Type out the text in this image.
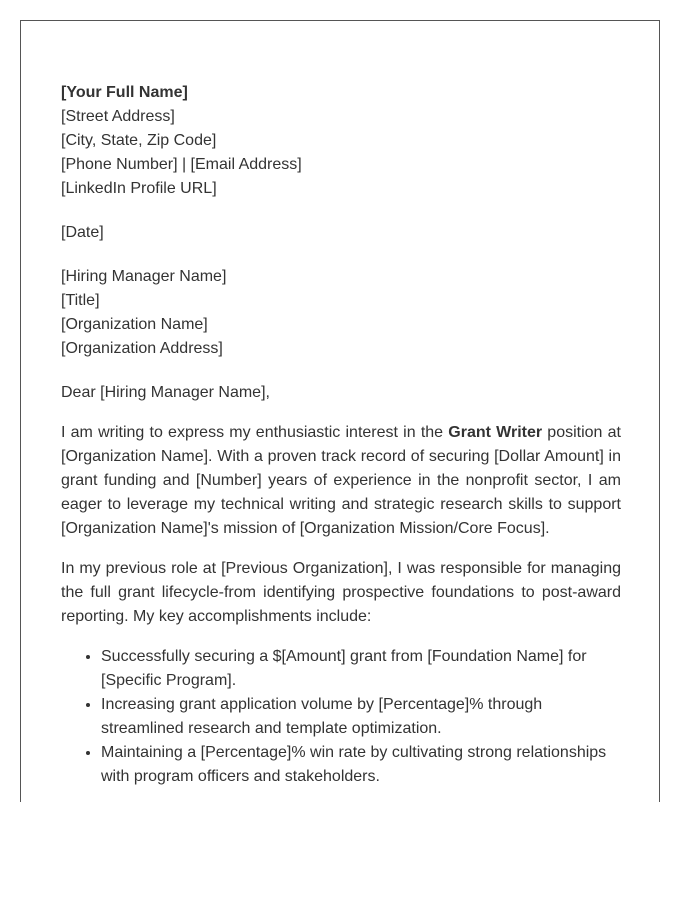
[Your Full Name]
[Street Address]
[City, State, Zip Code]
[Phone Number] | [Email Address]
[LinkedIn Profile URL]
[Date]
[Hiring Manager Name]
[Title]
[Organization Name]
[Organization Address]
Dear [Hiring Manager Name],

I am writing to express my enthusiastic interest in the Grant Writer position at [Organization Name]. With a proven track record of securing [Dollar Amount] in grant funding and [Number] years of experience in the nonprofit sector, I am eager to leverage my technical writing and strategic research skills to support [Organization Name]'s mission of [Organization Mission/Core Focus].

In my previous role at [Previous Organization], I was responsible for managing the full grant lifecycle-from identifying prospective foundations to post-award reporting. My key accomplishments include:

• Successfully securing a $[Amount] grant from [Foundation Name] for [Specific Program].
• Increasing grant application volume by [Percentage]% through streamlined research and template optimization.
• Maintaining a [Percentage]% win rate by cultivating strong relationships with program officers and stakeholders.
